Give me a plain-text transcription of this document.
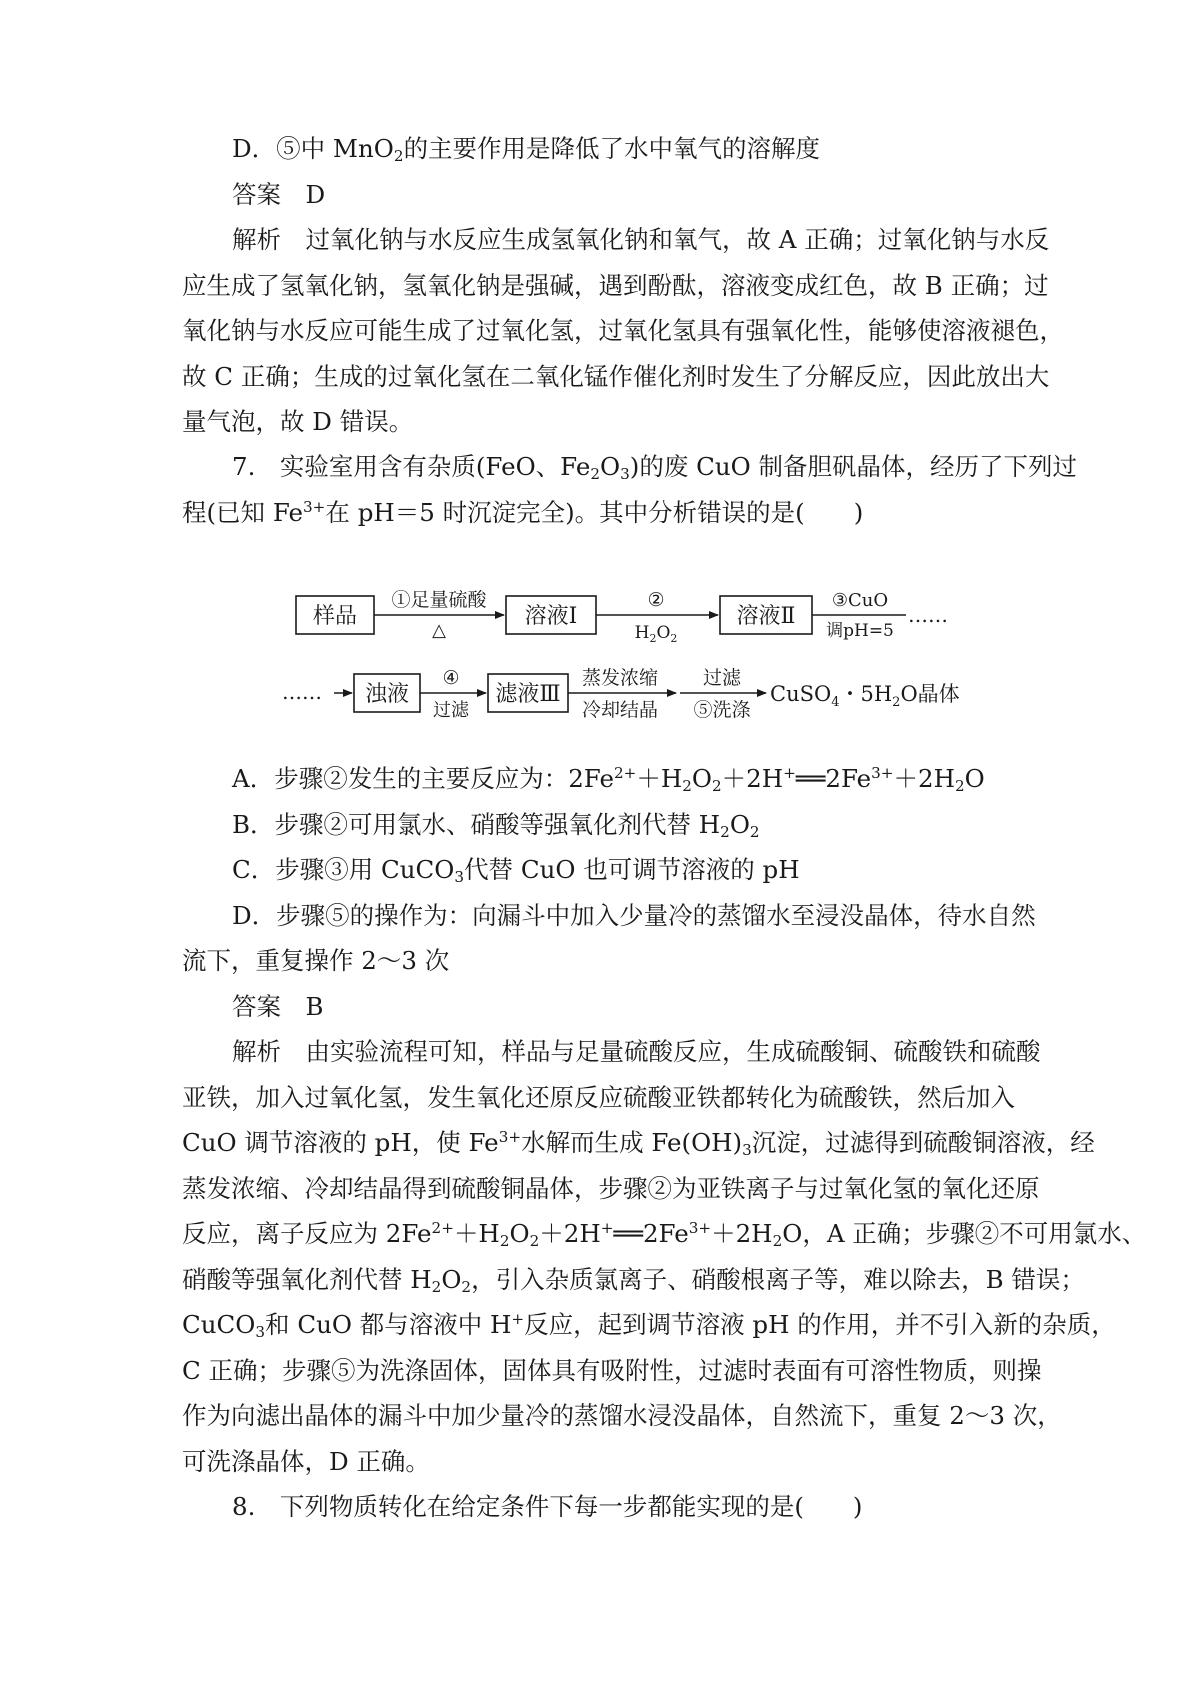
D．⑤中 MnO$_2$的主要作用是降低了水中氧气的溶解度
答案　D
解析　过氧化钠与水反应生成氢氧化钠和氧气，故 A 正确；过氧化钠与水反
应生成了氢氧化钠，氢氧化钠是强碱，遇到酚酞，溶液变成红色，故 B 正确；过
氧化钠与水反应可能生成了过氧化氢，过氧化氢具有强氧化性，能够使溶液褪色，
故 C 正确；生成的过氧化氢在二氧化锰作催化剂时发生了分解反应，因此放出大
量气泡，故 D 错误。
7.　实验室用含有杂质(FeO、$Fe_2O_3$)的废 CuO 制备胆矾晶体，经历了下列过
程(已知 $Fe^{3+}$在 pH＝5 时沉淀完全)。其中分析错误的是(　　)
样品
①足量硫酸
△
溶液Ⅰ
②
$H_2O_2$
溶液Ⅱ
③CuO
调pH=5
……
…… 浊液
④
过滤
滤液Ⅲ
蒸发浓缩
冷却结晶
过滤
⑤洗涤
CuSO$_4$・$5H_2O$晶体
A．步骤②发生的主要反应为：$2Fe^{2+}+H_2O_2+2H^+══2Fe^{3+}+2H_2O$
B．步骤②可用氯水、硝酸等强氧化剂代替 $H_2O_2$
C．步骤③用 CuCO$_3$代替 CuO 也可调节溶液的 pH
D．步骤⑤的操作为：向漏斗中加入少量冷的蒸馏水至浸没晶体，待水自然
流下，重复操作 2～3 次
答案　B
解析　由实验流程可知，样品与足量硫酸反应，生成硫酸铜、硫酸铁和硫酸
亚铁，加入过氧化氢，发生氧化还原反应硫酸亚铁都转化为硫酸铁，然后加入
CuO 调节溶液的 pH，使 $Fe^{3+}$水解而生成 $Fe(OH)_3$沉淀，过滤得到硫酸铜溶液，经
蒸发浓缩、冷却结晶得到硫酸铜晶体，步骤②为亚铁离子与过氧化氢的氧化还原
反应，离子反应为 $2Fe^{2+}+H_2O_2+2H^+══2Fe^{3+}+2H_2O$，A 正确；步骤②不可用氯水、
硝酸等强氧化剂代替 $H_2O_2$，引入杂质氯离子、硝酸根离子等，难以除去，B 错误；
CuCO$_3$和 CuO 都与溶液中 H+反应，起到调节溶液 pH 的作用，并不引入新的杂质，
C 正确；步骤⑤为洗涤固体，固体具有吸附性，过滤时表面有可溶性物质，则操
作为向滤出晶体的漏斗中加少量冷的蒸馏水浸没晶体，自然流下，重复 2～3 次，
可洗涤晶体，D 正确。
8.　下列物质转化在给定条件下每一步都能实现的是(　　)
